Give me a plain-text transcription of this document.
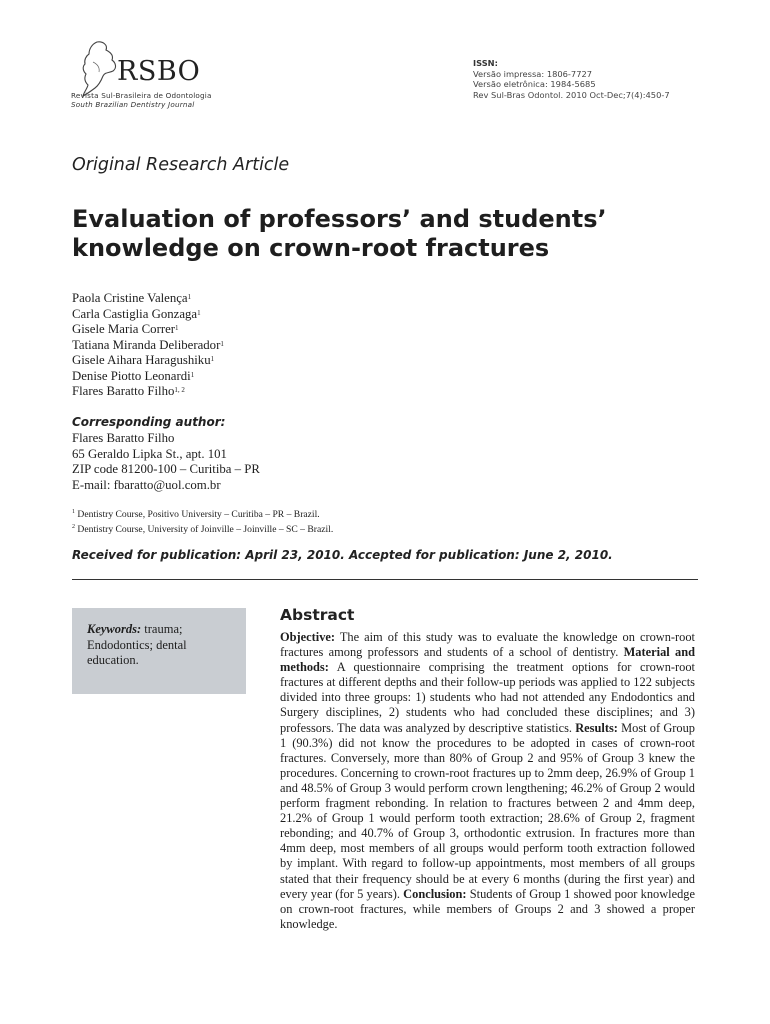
RSBO
Revista Sul-Brasileira de Odontologia
South Brazilian Dentistry Journal
ISSN:
Versão impressa: 1806-7727
Versão eletrônica: 1984-5685
Rev Sul-Bras Odontol. 2010 Oct-Dec;7(4):450-7
Original Research Article
Evaluation of professors’ and students’ knowledge on crown-root fractures
Paola Cristine Valença$^1$
Carla Castiglia Gonzaga$^1$
Gisele Maria Correr$^1$
Tatiana Miranda Deliberador$^1$
Gisele Aihara Haragushiku$^1$
Denise Piotto Leonardi$^1$
Flares Baratto Filho$^{1, 2}$
Corresponding author:
Flares Baratto Filho
65 Geraldo Lipka St., apt. 101
ZIP code 81200-100 – Curitiba – PR
E-mail: fbaratto@uol.com.br
$^1$ Dentistry Course, Positivo University – Curitiba – PR – Brazil.
$^2$ Dentistry Course, University of Joinville – Joinville – SC – Brazil.
Received for publication: April 23, 2010. Accepted for publication: June 2, 2010.
Keywords: trauma; Endodontics; dental education.
Abstract

Objective: The aim of this study was to evaluate the knowledge on crown-root fractures among professors and students of a school of dentistry. Material and methods: A questionnaire comprising the treatment options for crown-root fractures at different depths and their follow-up periods was applied to 122 subjects divided into three groups: 1) students who had not attended any Endodontics and Surgery disciplines, 2) students who had concluded these disciplines; and 3) professors. The data was analyzed by descriptive statistics. Results: Most of Group 1 (90.3%) did not know the procedures to be adopted in cases of crown-root fractures. Conversely, more than 80% of Group 2 and 95% of Group 3 knew the procedures. Concerning to crown-root fractures up to 2mm deep, 26.9% of Group 1 and 48.5% of Group 3 would perform crown lengthening; 46.2% of Group 2 would perform fragment rebonding. In relation to fractures between 2 and 4mm deep, 21.2% of Group 1 would perform tooth extraction; 28.6% of Group 2, fragment rebonding; and 40.7% of Group 3, orthodontic extrusion. In fractures more than 4mm deep, most members of all groups would perform tooth extraction followed by implant. With regard to follow-up appointments, most members of all groups stated that their frequency should be at every 6 months (during the first year) and every year (for 5 years). Conclusion: Students of Group 1 showed poor knowledge on crown-root fractures, while members of Groups 2 and 3 showed a proper knowledge.
